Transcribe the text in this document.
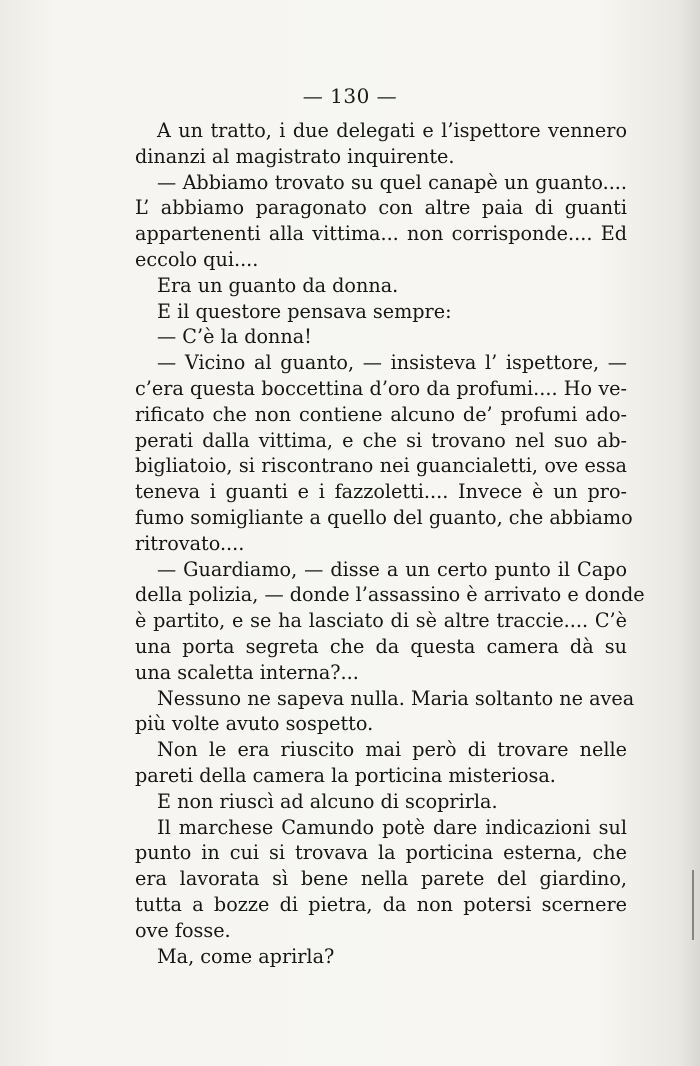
— 130 —
A un tratto, i due delegati e l’ispettore vennero
dinanzi al magistrato inquirente.
— Abbiamo trovato su quel canapè un guanto....
L’ abbiamo paragonato con altre paia di guanti
appartenenti alla vittima... non corrisponde.... Ed
eccolo qui....
Era un guanto da donna.
E il questore pensava sempre:
— C’è la donna!
— Vicino al guanto, — insisteva l’ ispettore, —
c’era questa boccettina d’oro da profumi.... Ho ve-
rificato che non contiene alcuno de’ profumi ado-
perati dalla vittima, e che si trovano nel suo ab-
bigliatoio, si riscontrano nei guancialetti, ove essa
teneva i guanti e i fazzoletti.... Invece è un pro-
fumo somigliante a quello del guanto, che abbiamo
ritrovato....
— Guardiamo, — disse a un certo punto il Capo
della polizia, — donde l’assassino è arrivato e donde
è partito, e se ha lasciato di sè altre traccie.... C’è
una porta segreta che da questa camera dà su
una scaletta interna?...
Nessuno ne sapeva nulla. Maria soltanto ne avea
più volte avuto sospetto.
Non le era riuscito mai però di trovare nelle
pareti della camera la porticina misteriosa.
E non riuscì ad alcuno di scoprirla.
Il marchese Camundo potè dare indicazioni sul
punto in cui si trovava la porticina esterna, che
era lavorata sì bene nella parete del giardino,
tutta a bozze di pietra, da non potersi scernere
ove fosse.
Ma, come aprirla?
